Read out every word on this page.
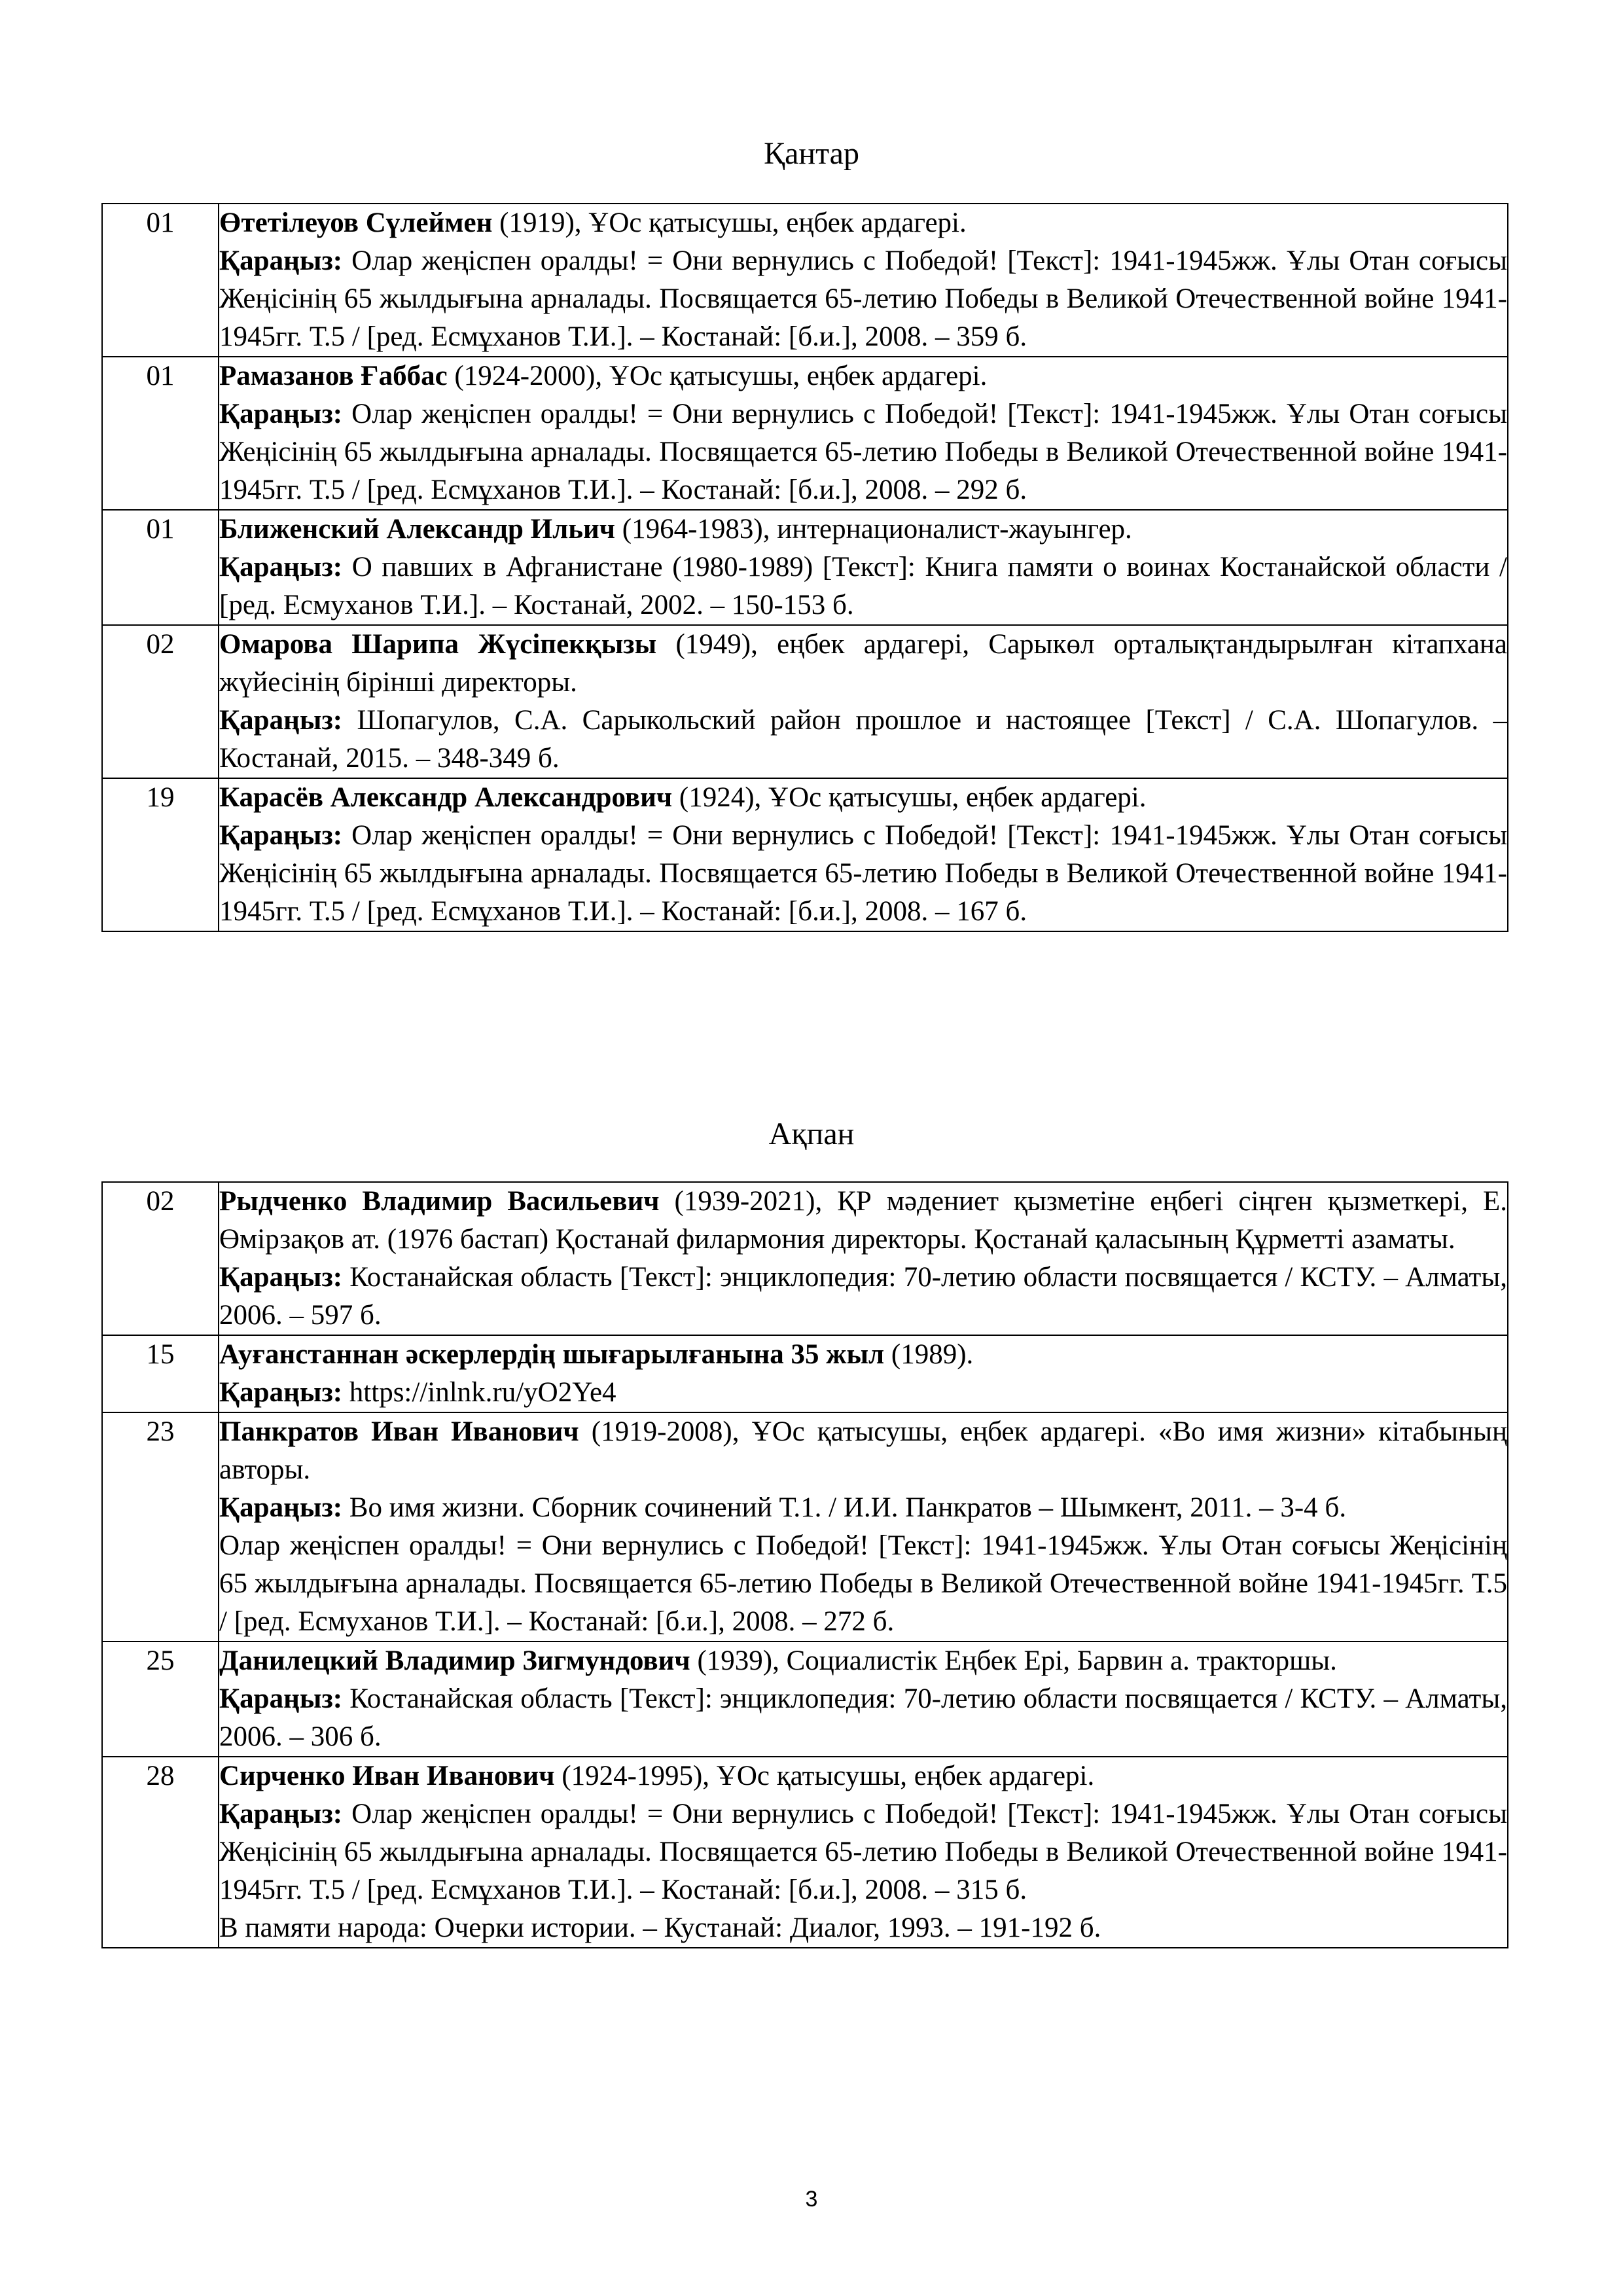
Қантар
01	Өтетілеуов Сүлеймен (1919), ҰОс қатысушы, еңбек ардагері.
Қараңыз: Олар жеңіспен оралды! = Они вернулись с Победой! [Текст]: 1941-1945жж. Ұлы Отан соғысы Жеңісінің 65 жылдығына арналады. Посвящается 65-летию Победы в Великой Отечественной войне 1941-1945гг. Т.5 / [ред. Есмұханов Т.И.]. – Костанай: [б.и.], 2008. – 359 б.

01	Рамазанов Ғаббас (1924-2000), ҰОс қатысушы, еңбек ардагері.
Қараңыз: Олар жеңіспен оралды! = Они вернулись с Победой! [Текст]: 1941-1945жж. Ұлы Отан соғысы Жеңісінің 65 жылдығына арналады. Посвящается 65-летию Победы в Великой Отечественной войне 1941-1945гг. Т.5 / [ред. Есмұханов Т.И.]. – Костанай: [б.и.], 2008. – 292 б.

01	Ближенский Александр Ильич (1964-1983), интернационалист-жауынгер.
Қараңыз: О павших в Афганистане (1980-1989) [Текст]: Книга памяти о воинах Костанайской области / [ред. Есмуханов Т.И.]. – Костанай, 2002. – 150-153 б.

02	Омарова Шарипа Жүсіпекқызы (1949), еңбек ардагері, Сарыкөл орталықтандырылған кітапхана жүйесінің бірінші директоры.
Қараңыз: Шопагулов, С.А. Сарыкольский район прошлое и настоящее [Текст] / С.А. Шопагулов. – Костанай, 2015. – 348-349 б.

19	Карасёв Александр Александрович (1924), ҰОс қатысушы, еңбек ардагері.
Қараңыз: Олар жеңіспен оралды! = Они вернулись с Победой! [Текст]: 1941-1945жж. Ұлы Отан соғысы Жеңісінің 65 жылдығына арналады. Посвящается 65-летию Победы в Великой Отечественной войне 1941-1945гг. Т.5 / [ред. Есмұханов Т.И.]. – Костанай: [б.и.], 2008. – 167 б.
Ақпан
02	Рыдченко Владимир Васильевич (1939-2021), ҚР мәдениет қызметіне еңбегі сіңген қызметкері, Е. Өмірзақов ат. (1976 бастап) Қостанай филармония директоры. Қостанай қаласының Құрметті азаматы.
Қараңыз: Костанайская область [Текст]: энциклопедия: 70-летию области посвящается / КСТУ. – Алматы, 2006. – 597 б.

15	Ауғанстаннан әскерлердің шығарылғанына 35 жыл (1989).
Қараңыз: https://inlnk.ru/yO2Ye4

23	Панкратов Иван Иванович (1919-2008), ҰОс қатысушы, еңбек ардагері. «Во имя жизни» кітабының авторы.
Қараңыз: Во имя жизни. Сборник сочинений Т.1. / И.И. Панкратов – Шымкент, 2011. – 3-4 б.
Олар жеңіспен оралды! = Они вернулись с Победой! [Текст]: 1941-1945жж. Ұлы Отан соғысы Жеңісінің 65 жылдығына арналады. Посвящается 65-летию Победы в Великой Отечественной войне 1941-1945гг. Т.5 / [ред. Есмуханов Т.И.]. – Костанай: [б.и.], 2008. – 272 б.

25	Данилецкий Владимир Зигмундович (1939), Социалистік Еңбек Ері, Барвин а. тракторшы.
Қараңыз: Костанайская область [Текст]: энциклопедия: 70-летию области посвящается / КСТУ. – Алматы, 2006. – 306 б.

28	Сирченко Иван Иванович (1924-1995), ҰОс қатысушы, еңбек ардагері.
Қараңыз: Олар жеңіспен оралды! = Они вернулись с Победой! [Текст]: 1941-1945жж. Ұлы Отан соғысы Жеңісінің 65 жылдығына арналады. Посвящается 65-летию Победы в Великой Отечественной войне 1941-1945гг. Т.5 / [ред. Есмұханов Т.И.]. – Костанай: [б.и.], 2008. – 315 б.
В памяти народа: Очерки истории. – Кустанай: Диалог, 1993. – 191-192 б.
3
